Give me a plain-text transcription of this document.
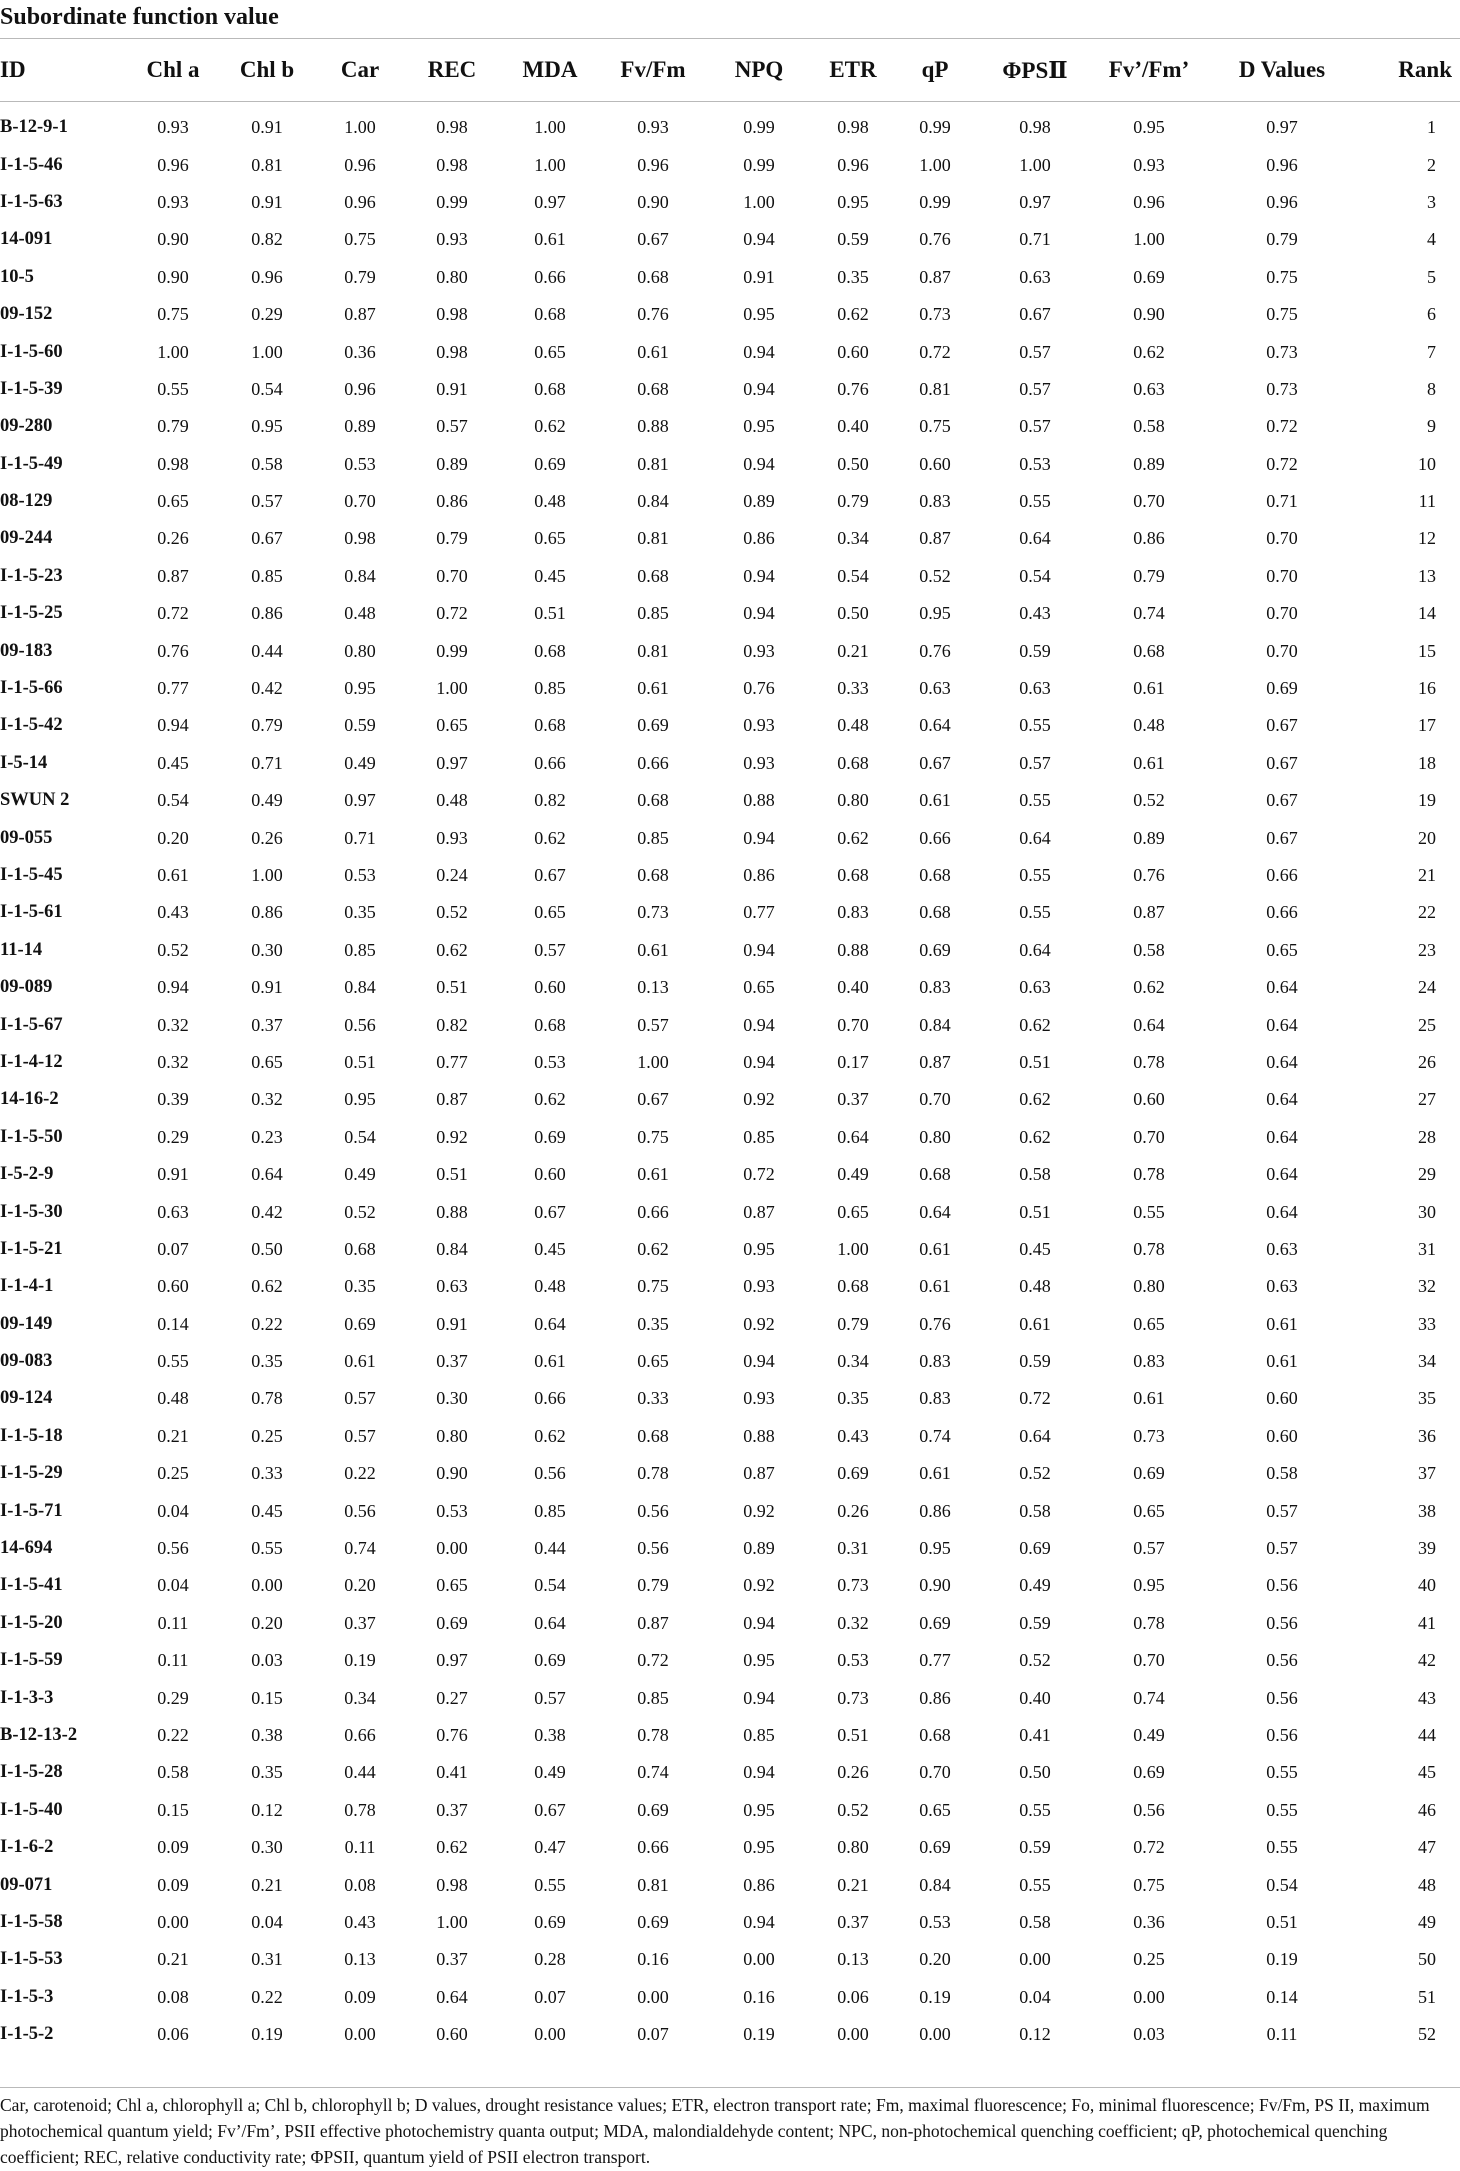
Subordinate function value
ID	Chl a	Chl b	Car	REC	MDA	Fv/Fm	NPQ	ETR	qP	ΦPSⅡ	Fv’/Fm’	D Values	Rank
B-12-9-1	0.93	0.91	1.00	0.98	1.00	0.93	0.99	0.98	0.99	0.98	0.95	0.97	1
I-1-5-46	0.96	0.81	0.96	0.98	1.00	0.96	0.99	0.96	1.00	1.00	0.93	0.96	2
I-1-5-63	0.93	0.91	0.96	0.99	0.97	0.90	1.00	0.95	0.99	0.97	0.96	0.96	3
14-091	0.90	0.82	0.75	0.93	0.61	0.67	0.94	0.59	0.76	0.71	1.00	0.79	4
10-5	0.90	0.96	0.79	0.80	0.66	0.68	0.91	0.35	0.87	0.63	0.69	0.75	5
09-152	0.75	0.29	0.87	0.98	0.68	0.76	0.95	0.62	0.73	0.67	0.90	0.75	6
I-1-5-60	1.00	1.00	0.36	0.98	0.65	0.61	0.94	0.60	0.72	0.57	0.62	0.73	7
I-1-5-39	0.55	0.54	0.96	0.91	0.68	0.68	0.94	0.76	0.81	0.57	0.63	0.73	8
09-280	0.79	0.95	0.89	0.57	0.62	0.88	0.95	0.40	0.75	0.57	0.58	0.72	9
I-1-5-49	0.98	0.58	0.53	0.89	0.69	0.81	0.94	0.50	0.60	0.53	0.89	0.72	10
08-129	0.65	0.57	0.70	0.86	0.48	0.84	0.89	0.79	0.83	0.55	0.70	0.71	11
09-244	0.26	0.67	0.98	0.79	0.65	0.81	0.86	0.34	0.87	0.64	0.86	0.70	12
I-1-5-23	0.87	0.85	0.84	0.70	0.45	0.68	0.94	0.54	0.52	0.54	0.79	0.70	13
I-1-5-25	0.72	0.86	0.48	0.72	0.51	0.85	0.94	0.50	0.95	0.43	0.74	0.70	14
09-183	0.76	0.44	0.80	0.99	0.68	0.81	0.93	0.21	0.76	0.59	0.68	0.70	15
I-1-5-66	0.77	0.42	0.95	1.00	0.85	0.61	0.76	0.33	0.63	0.63	0.61	0.69	16
I-1-5-42	0.94	0.79	0.59	0.65	0.68	0.69	0.93	0.48	0.64	0.55	0.48	0.67	17
I-5-14	0.45	0.71	0.49	0.97	0.66	0.66	0.93	0.68	0.67	0.57	0.61	0.67	18
SWUN 2	0.54	0.49	0.97	0.48	0.82	0.68	0.88	0.80	0.61	0.55	0.52	0.67	19
09-055	0.20	0.26	0.71	0.93	0.62	0.85	0.94	0.62	0.66	0.64	0.89	0.67	20
I-1-5-45	0.61	1.00	0.53	0.24	0.67	0.68	0.86	0.68	0.68	0.55	0.76	0.66	21
I-1-5-61	0.43	0.86	0.35	0.52	0.65	0.73	0.77	0.83	0.68	0.55	0.87	0.66	22
11-14	0.52	0.30	0.85	0.62	0.57	0.61	0.94	0.88	0.69	0.64	0.58	0.65	23
09-089	0.94	0.91	0.84	0.51	0.60	0.13	0.65	0.40	0.83	0.63	0.62	0.64	24
I-1-5-67	0.32	0.37	0.56	0.82	0.68	0.57	0.94	0.70	0.84	0.62	0.64	0.64	25
I-1-4-12	0.32	0.65	0.51	0.77	0.53	1.00	0.94	0.17	0.87	0.51	0.78	0.64	26
14-16-2	0.39	0.32	0.95	0.87	0.62	0.67	0.92	0.37	0.70	0.62	0.60	0.64	27
I-1-5-50	0.29	0.23	0.54	0.92	0.69	0.75	0.85	0.64	0.80	0.62	0.70	0.64	28
I-5-2-9	0.91	0.64	0.49	0.51	0.60	0.61	0.72	0.49	0.68	0.58	0.78	0.64	29
I-1-5-30	0.63	0.42	0.52	0.88	0.67	0.66	0.87	0.65	0.64	0.51	0.55	0.64	30
I-1-5-21	0.07	0.50	0.68	0.84	0.45	0.62	0.95	1.00	0.61	0.45	0.78	0.63	31
I-1-4-1	0.60	0.62	0.35	0.63	0.48	0.75	0.93	0.68	0.61	0.48	0.80	0.63	32
09-149	0.14	0.22	0.69	0.91	0.64	0.35	0.92	0.79	0.76	0.61	0.65	0.61	33
09-083	0.55	0.35	0.61	0.37	0.61	0.65	0.94	0.34	0.83	0.59	0.83	0.61	34
09-124	0.48	0.78	0.57	0.30	0.66	0.33	0.93	0.35	0.83	0.72	0.61	0.60	35
I-1-5-18	0.21	0.25	0.57	0.80	0.62	0.68	0.88	0.43	0.74	0.64	0.73	0.60	36
I-1-5-29	0.25	0.33	0.22	0.90	0.56	0.78	0.87	0.69	0.61	0.52	0.69	0.58	37
I-1-5-71	0.04	0.45	0.56	0.53	0.85	0.56	0.92	0.26	0.86	0.58	0.65	0.57	38
14-694	0.56	0.55	0.74	0.00	0.44	0.56	0.89	0.31	0.95	0.69	0.57	0.57	39
I-1-5-41	0.04	0.00	0.20	0.65	0.54	0.79	0.92	0.73	0.90	0.49	0.95	0.56	40
I-1-5-20	0.11	0.20	0.37	0.69	0.64	0.87	0.94	0.32	0.69	0.59	0.78	0.56	41
I-1-5-59	0.11	0.03	0.19	0.97	0.69	0.72	0.95	0.53	0.77	0.52	0.70	0.56	42
I-1-3-3	0.29	0.15	0.34	0.27	0.57	0.85	0.94	0.73	0.86	0.40	0.74	0.56	43
B-12-13-2	0.22	0.38	0.66	0.76	0.38	0.78	0.85	0.51	0.68	0.41	0.49	0.56	44
I-1-5-28	0.58	0.35	0.44	0.41	0.49	0.74	0.94	0.26	0.70	0.50	0.69	0.55	45
I-1-5-40	0.15	0.12	0.78	0.37	0.67	0.69	0.95	0.52	0.65	0.55	0.56	0.55	46
I-1-6-2	0.09	0.30	0.11	0.62	0.47	0.66	0.95	0.80	0.69	0.59	0.72	0.55	47
09-071	0.09	0.21	0.08	0.98	0.55	0.81	0.86	0.21	0.84	0.55	0.75	0.54	48
I-1-5-58	0.00	0.04	0.43	1.00	0.69	0.69	0.94	0.37	0.53	0.58	0.36	0.51	49
I-1-5-53	0.21	0.31	0.13	0.37	0.28	0.16	0.00	0.13	0.20	0.00	0.25	0.19	50
I-1-5-3	0.08	0.22	0.09	0.64	0.07	0.00	0.16	0.06	0.19	0.04	0.00	0.14	51
I-1-5-2	0.06	0.19	0.00	0.60	0.00	0.07	0.19	0.00	0.00	0.12	0.03	0.11	52
Car, carotenoid; Chl a, chlorophyll a; Chl b, chlorophyll b; D values, drought resistance values; ETR, electron transport rate; Fm, maximal fluorescence; Fo, minimal fluorescence; Fv/Fm, PS II, maximum photochemical quantum yield; Fv’/Fm’, PSII effective photochemistry quanta output; MDA, malondialdehyde content; NPC, non-photochemical quenching coefficient; qP, photochemical quenching coefficient; REC, relative conductivity rate; ΦPSII, quantum yield of PSII electron transport.
